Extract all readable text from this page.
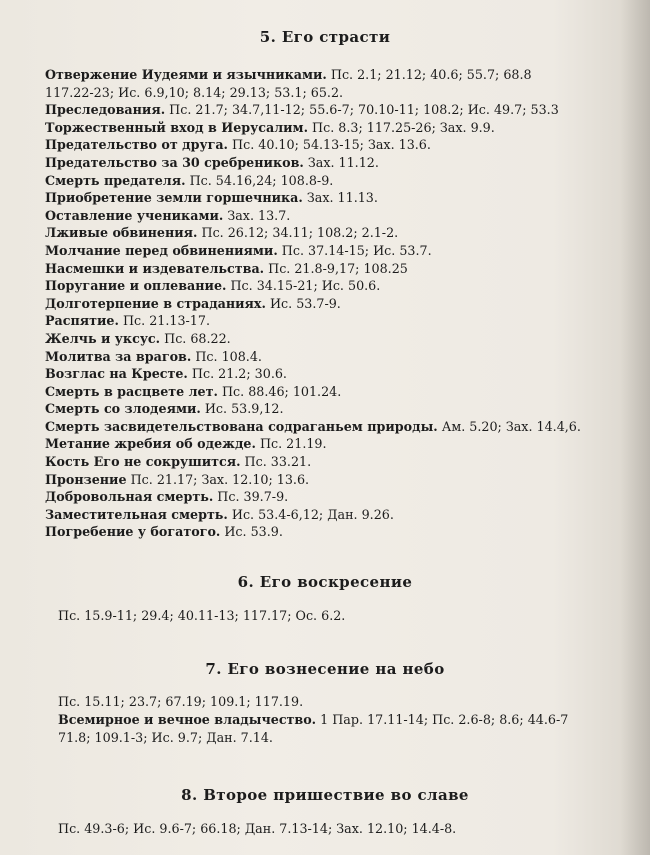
5. Его страсти
Отвержение Иудеями и язычниками. Пс. 2.1; 21.12; 40.6; 55.7; 68.8
117.22-23; Ис. 6.9,10; 8.14; 29.13; 53.1; 65.2.
Преследования. Пс. 21.7; 34.7,11-12; 55.6-7; 70.10-11; 108.2; Ис. 49.7; 53.3
Торжественный вход в Иерусалим. Пс. 8.3; 117.25-26; Зах. 9.9.
Предательство от друга. Пс. 40.10; 54.13-15; Зах. 13.6.
Предательство за 30 сребреников. Зах. 11.12.
Смерть предателя. Пс. 54.16,24; 108.8-9.
Приобретение земли горшечника. Зах. 11.13.
Оставление учениками. Зах. 13.7.
Лживые обвинения. Пс. 26.12; 34.11; 108.2; 2.1-2.
Молчание перед обвинениями. Пс. 37.14-15; Ис. 53.7.
Насмешки и издевательства. Пс. 21.8-9,17; 108.25
Поругание и оплевание. Пс. 34.15-21; Ис. 50.6.
Долготерпение в страданиях. Ис. 53.7-9.
Распятие. Пс. 21.13-17.
Желчь и уксус. Пс. 68.22.
Молитва за врагов. Пс. 108.4.
Возглас на Кресте. Пс. 21.2; 30.6.
Смерть в расцвете лет. Пс. 88.46; 101.24.
Смерть со злодеями. Ис. 53.9,12.
Смерть засвидетельствована содраганьем природы. Ам. 5.20; Зах. 14.4,6.
Метание жребия об одежде. Пс. 21.19.
Кость Его не сокрушится. Пс. 33.21.
Пронзение Пс. 21.17; Зах. 12.10; 13.6.
Добровольная смерть. Пс. 39.7-9.
Заместительная смерть. Ис. 53.4-6,12; Дан. 9.26.
Погребение у богатого. Ис. 53.9.
6. Его воскресение
Пс. 15.9-11; 29.4; 40.11-13; 117.17; Ос. 6.2.
7. Его вознесение на небо
Пс. 15.11; 23.7; 67.19; 109.1; 117.19.
Всемирное и вечное владычество. 1 Пар. 17.11-14; Пс. 2.6-8; 8.6; 44.6-7
71.8; 109.1-3; Ис. 9.7; Дан. 7.14.
8. Второе пришествие во славе
Пс. 49.3-6; Ис. 9.6-7; 66.18; Дан. 7.13-14; Зах. 12.10; 14.4-8.
